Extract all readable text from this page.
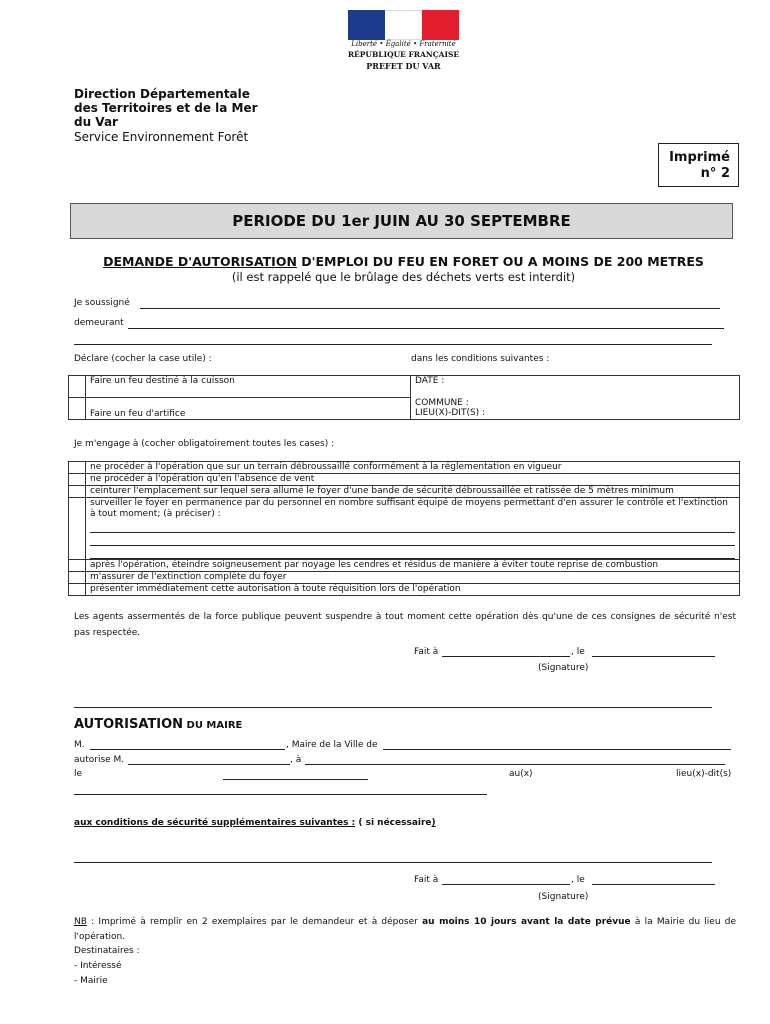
Liberté • Égalité • Fraternité
RÉPUBLIQUE FRANÇAISE
PREFET DU VAR
Direction Départementale
des Territoires et de la Mer
du Var
Service Environnement Forêt
Imprimé
n° 2
PERIODE DU 1er JUIN AU 30 SEPTEMBRE
DEMANDE D'AUTORISATION D'EMPLOI DU FEU EN FORET OU A MOINS DE 200 METRES
(il est rappelé que le brûlage des déchets verts est interdit)
Je soussigné
demeurant
Déclare (cocher la case utile) :	dans les conditions suivantes :
	Faire un feu destiné à la cuisson	DATE :
COMMUNE :
LIEU(X)-DIT(S) :

	Faire un feu d'artifice	
Je m'engage à (cocher obligatoirement toutes les cases) :
	ne procéder à l'opération que sur un terrain débroussaillé conformément à la réglementation en vigueur
	ne procéder à l'opération qu'en l'absence de vent
	ceinturer l'emplacement sur lequel sera allumé le foyer d'une bande de sécurité débroussaillée et ratissée de 5 mètres minimum

	surveiller le foyer en permanence par du personnel en nombre suffisant équipé de moyens permettant d'en assurer le contrôle et l'extinction à tout moment; (à préciser) :

	après l'opération, éteindre soigneusement par noyage les cendres et résidus de manière à éviter toute reprise de combustion
	m'assurer de l'extinction complète du foyer
	présenter immédiatement cette autorisation à toute réquisition lors de l'opération
Les agents assermentés de la force publique peuvent suspendre à tout moment cette opération dès qu'une de ces consignes de sécurité n'est pas respectée.
Fait à	, le
(Signature)
AUTORISATION DU MAIRE
M.	, Maire de la Ville de
autorise M.	, à
le	au(x)	lieu(x)-dit(s)
aux conditions de sécurité supplémentaires suivantes : ( si nécessaire)
Fait à	, le
(Signature)
NB : Imprimé à remplir en 2 exemplaires par le demandeur et à déposer au moins 10 jours avant la date prévue à la Mairie du lieu de l'opération.
Destinataires :
- Intéressé
- Mairie
